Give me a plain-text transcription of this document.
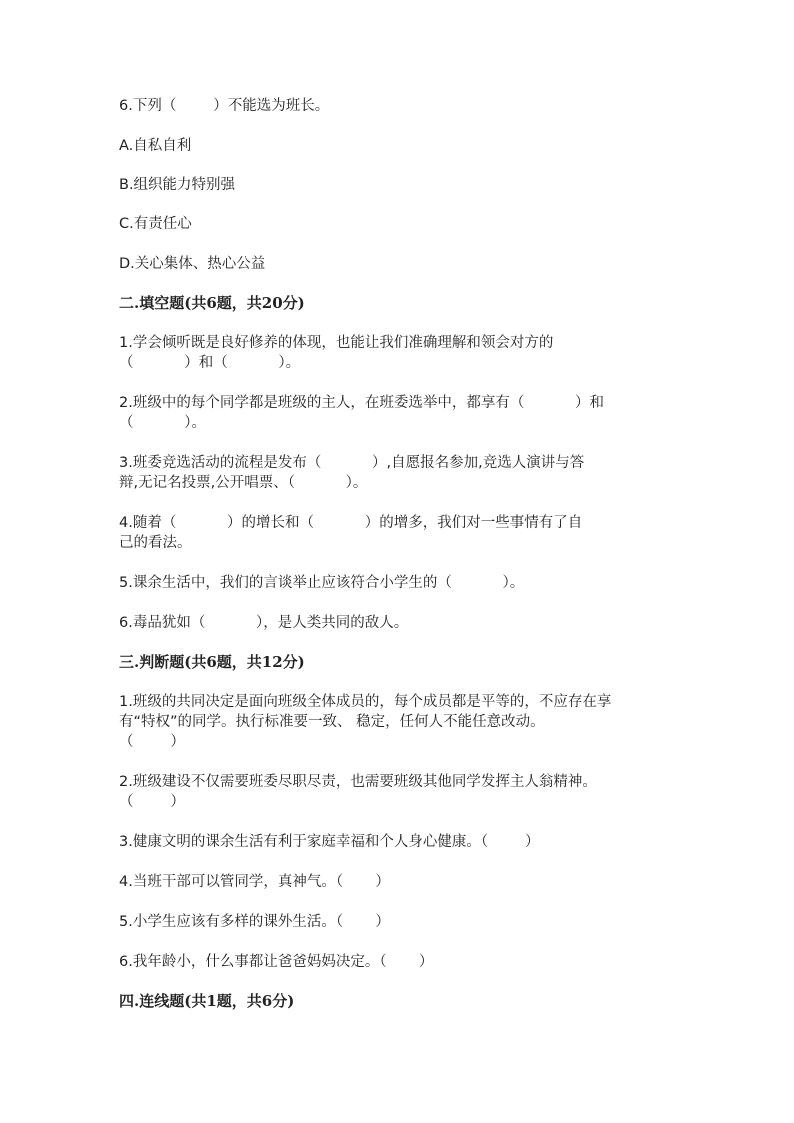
6.下列（        ）不能选为班长。
A.自私自利
B.组织能力特别强
C.有责任心
D.关心集体、热心公益
二.填空题(共6题，共20分)
1.学会倾听既是良好修养的体现，也能让我们准确理解和领会对方的
（           ）和（           ）。
2.班级中的每个同学都是班级的主人，在班委选举中，都享有（           ）和
（           ）。
3.班委竞选活动的流程是发布（           ）,自愿报名参加,竞选人演讲与答
辩,无记名投票,公开唱票、（           ）。
4.随着（           ）的增长和（           ）的增多，我们对一些事情有了自
己的看法。
5.课余生活中，我们的言谈举止应该符合小学生的（           ）。
6.毒品犹如（           ），是人类共同的敌人。
三.判断题(共6题，共12分)
1.班级的共同决定是面向班级全体成员的，每个成员都是平等的，不应存在享
有“特权”的同学。执行标准要一致、 稳定，任何人不能任意改动。
（        ）
2.班级建设不仅需要班委尽职尽责，也需要班级其他同学发挥主人翁精神。
（        ）
3.健康文明的课余生活有利于家庭幸福和个人身心健康。（        ）
4.当班干部可以管同学，真神气。（       ）
5.小学生应该有多样的课外生活。（       ）
6.我年龄小，什么事都让爸爸妈妈决定。（       ）
四.连线题(共1题，共6分)
